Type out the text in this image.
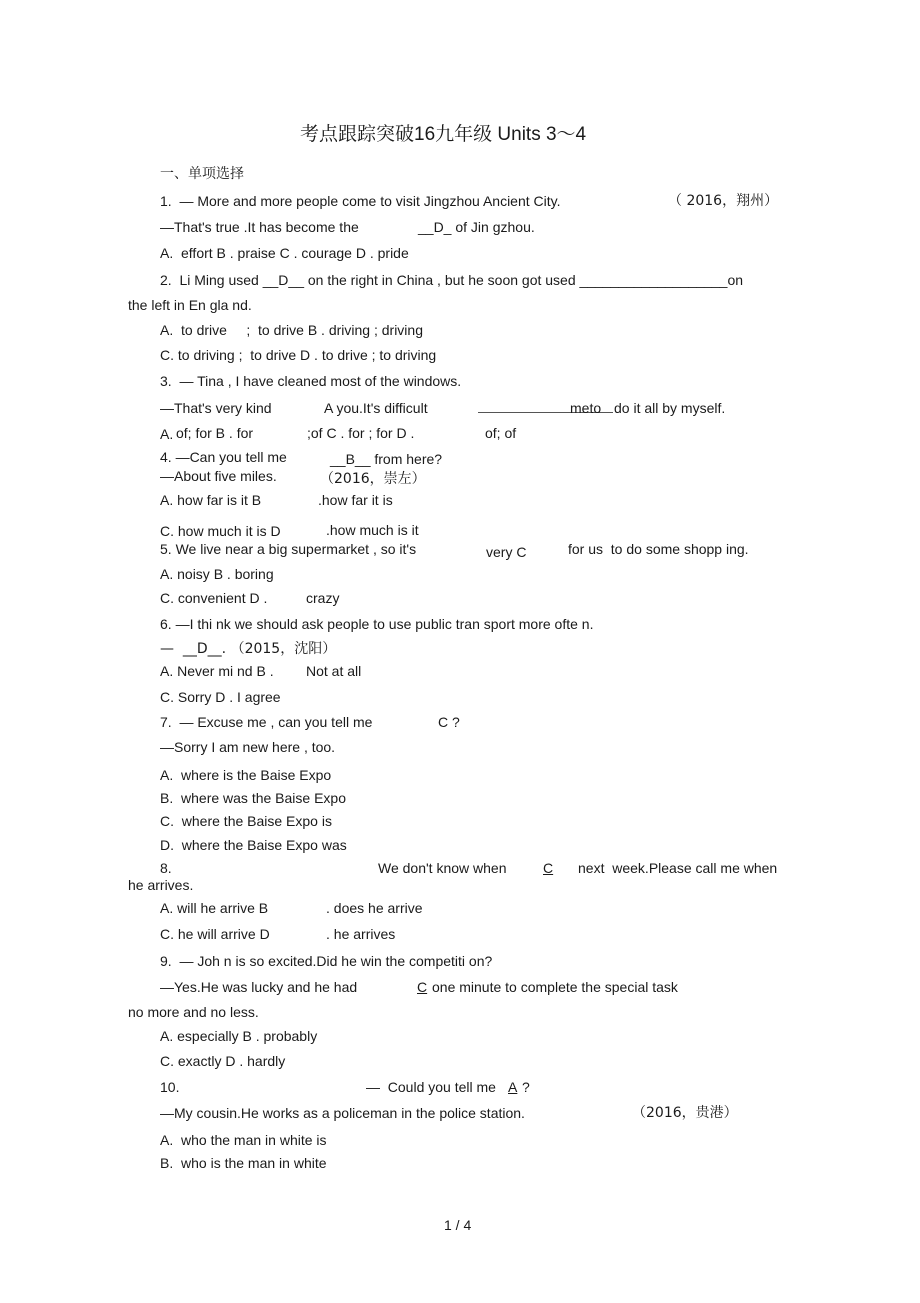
考点跟踪突破16九年级 Units 3～4
一、单项选择
1.  — More and more people come to visit Jingzhou Ancient City.	（ 2016，翔州）
—That's true .It has become the	__D_ of Jin gzhou.
A.  effort B . praise C . courage D . pride
2.  Li Ming used __D__ on the right in China , but he soon got used ___________________on
the left in En gla nd.
A.  to drive     ;  to drive B . driving ; driving
C. to driving ;  to drive D . to drive ; to driving
3.  — Tina , I have cleaned most of the windows.
—That's very kind	A you.It's difficult	meto do it all by myself.
A. of; for B . for	;of C . for ; for D .	of; of
4. —Can you tell me	__B__ from here?
—About five miles.	（2016，崇左）
A. how far is it B	.how far it is
C. how much it is D	.how much is it
5. We live near a big supermarket , so it's	very C	for us  to do some shopp ing.
A. noisy B . boring
C. convenient D .	crazy
6. —I thi nk we should ask people to use public tran sport more ofte n.
—  __D__. （2015，沈阳）
A. Never mi nd B . Not at all
C. Sorry D . I agree
7.  — Excuse me , can you tell me	C ?
—Sorry I am new here , too.
A.  where is the Baise Expo
B.  where was the Baise Expo
C.  where the Baise Expo is
D.  where the Baise Expo was
8.	We don't know when	C next  week.Please call me when
he arrives.
A. will he arrive B	. does he arrive
C. he will arrive D	. he arrives
9.  — Joh n is so excited.Did he win the competiti on?
—Yes.He was lucky and he had	C one minute to complete the special task
no more and no less.
A. especially B . probably
C. exactly D . hardly
10.	—  Could you tell me A ?
—My cousin.He works as a policeman in the police station.	（2016，贵港）
A.  who the man in white is
B.  who is the man in white
1 / 4
